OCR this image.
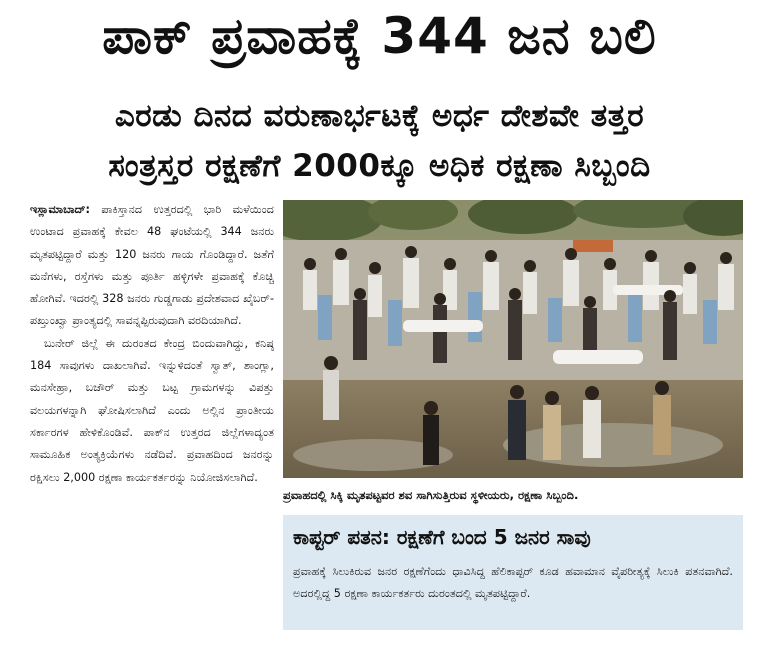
ಪಾಕ್ ಪ್ರವಾಹಕ್ಕೆ 344 ಜನ ಬಲಿ
ಎರಡು ದಿನದ ವರುಣಾರ್ಭಟಕ್ಕೆ ಅರ್ಧ ದೇಶವೇ ತತ್ತರ
ಸಂತ್ರಸ್ತರ ರಕ್ಷಣೆಗೆ 2000ಕ್ಕೂ ಅಧಿಕ ರಕ್ಷಣಾ ಸಿಬ್ಬಂದಿ

ಇಸ್ಲಾಮಾಬಾದ್: ಪಾಕಿಸ್ತಾನದ ಉತ್ತರದಲ್ಲಿ ಭಾರಿ ಮಳೆಯಿಂದ ಉಂಟಾದ ಪ್ರವಾಹಕ್ಕೆ ಕೇವಲ 48 ಘಂಟೆಯಲ್ಲಿ 344 ಜನರು ಮೃತಪಟ್ಟಿದ್ದಾರೆ ಮತ್ತು 120 ಜನರು ಗಾಯ ಗೊಂಡಿದ್ದಾರೆ. ಜತೆಗೆ ಮನೆಗಳು, ರಸ್ತೆಗಳು ಮತ್ತು ಪೂರ್ತಿ ಹಳ್ಳಿಗಳೇ ಪ್ರವಾಹಕ್ಕೆ ಕೊಚ್ಚಿ ಹೋಗಿವೆ. ಇದರಲ್ಲಿ 328 ಜನರು ಗುಡ್ಡಗಾಡು ಪ್ರದೇಶವಾದ ಖೈಬರ್-ಪಖ್ತುಂಖ್ವಾ ಪ್ರಾಂತ್ಯದಲ್ಲಿ ಸಾವನ್ನಪ್ಪಿರುವುದಾಗಿ ವರದಿಯಾಗಿದೆ.

ಬುನೇರ್ ಜಿಲ್ಲೆ ಈ ದುರಂತದ ಕೇಂದ್ರ ಬಿಂದುವಾಗಿದ್ದು, ಕನಿಷ್ಠ 184 ಸಾವುಗಳು ದಾಖಲಾಗಿವೆ. ಇನ್ನುಳಿದಂತೆ ಸ್ವಾತ್, ಶಾಂಗ್ಲಾ, ಮನಸೇಹ್ರಾ, ಬಜೌರ್ ಮತ್ತು ಬಟ್ಟ ಗ್ರಾಮಗಳನ್ನು ವಿಪತ್ತು ವಲಯಗಳನ್ನಾಗಿ ಘೋಷಿಸಲಾಗಿದೆ ಎಂದು ಅಲ್ಲಿನ ಪ್ರಾಂತೀಯ ಸರ್ಕಾರಗಳ ಹೇಳಿಕೊಂಡಿವೆ. ಪಾಕ್‌ನ ಉತ್ತರದ ಜಿಲ್ಲೆಗಳಾದ್ಯಂತ ಸಾಮೂಹಿಕ ಅಂತ್ಯಕ್ರಿಯೆಗಳು ನಡೆದಿವೆ. ಪ್ರವಾಹದಿಂದ ಜನರನ್ನು ರಕ್ಷಿಸಲು 2,000 ರಕ್ಷಣಾ ಕಾರ್ಯಕರ್ತರನ್ನು ನಿಯೋಜಿಸಲಾಗಿದೆ.

ಪ್ರವಾಹದಲ್ಲಿ ಸಿಕ್ಕಿ ಮೃತಪಟ್ಟವರ ಶವ ಸಾಗಿಸುತ್ತಿರುವ ಸ್ಥಳೀಯರು, ರಕ್ಷಣಾ ಸಿಬ್ಬಂದಿ.
ಕಾಪ್ಟರ್ ಪತನ: ರಕ್ಷಣೆಗೆ ಬಂದ 5 ಜನರ ಸಾವು
ಪ್ರವಾಹಕ್ಕೆ ಸಿಲುಕಿರುವ ಜನರ ರಕ್ಷಣೆಗೆಂದು ಧಾವಿಸಿದ್ದ ಹೆಲಿಕಾಪ್ಟರ್ ಕೂಡ ಹವಾಮಾನ ವೈಪರೀತ್ಯಕ್ಕೆ ಸಿಲುಕಿ ಪತನವಾಗಿದೆ. ಅದರಲ್ಲಿದ್ದ 5 ರಕ್ಷಣಾ ಕಾರ್ಯಕರ್ತರು ದುರಂತದಲ್ಲಿ ಮೃತಪಟ್ಟಿದ್ದಾರೆ.
